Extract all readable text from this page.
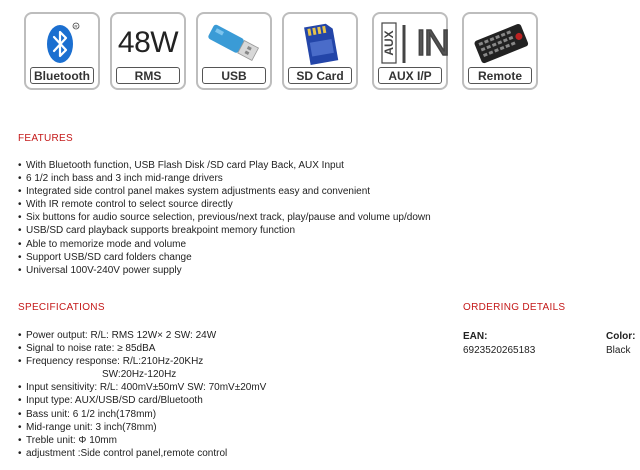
R
Bluetooth
48W
RMS	USB	SD Card
AUX IN
AUX I/P	Remote
FEATURES
• With Bluetooth function, USB Flash Disk /SD card Play Back, AUX Input
• 6 1/2 inch bass and 3 inch mid-range drivers
• Integrated side control panel makes system adjustments easy and convenient
• With IR remote control to select source directly
• Six buttons for audio source selection, previous/next track, play/pause and volume up/down
• USB/SD card playback supports breakpoint memory function
• Able to memorize mode and volume
• Support USB/SD card folders change
• Universal 100V-240V power supply
SPECIFICATIONS
• Power output: R/L: RMS 12W× 2 SW: 24W
• Signal to noise rate: ≥ 85dBA
• Frequency response: R/L:210Hz-20KHz
SW:20Hz-120Hz
• Input sensitivity: R/L: 400mV±50mV SW: 70mV±20mV
• Input type: AUX/USB/SD card/Bluetooth
• Bass unit: 6 1/2 inch(178mm)
• Mid-range unit: 3 inch(78mm)
• Treble unit: Φ 10mm
• adjustment :Side control panel,remote control
ORDERING DETAILS
EAN:
6923520265183
Color:
Black
